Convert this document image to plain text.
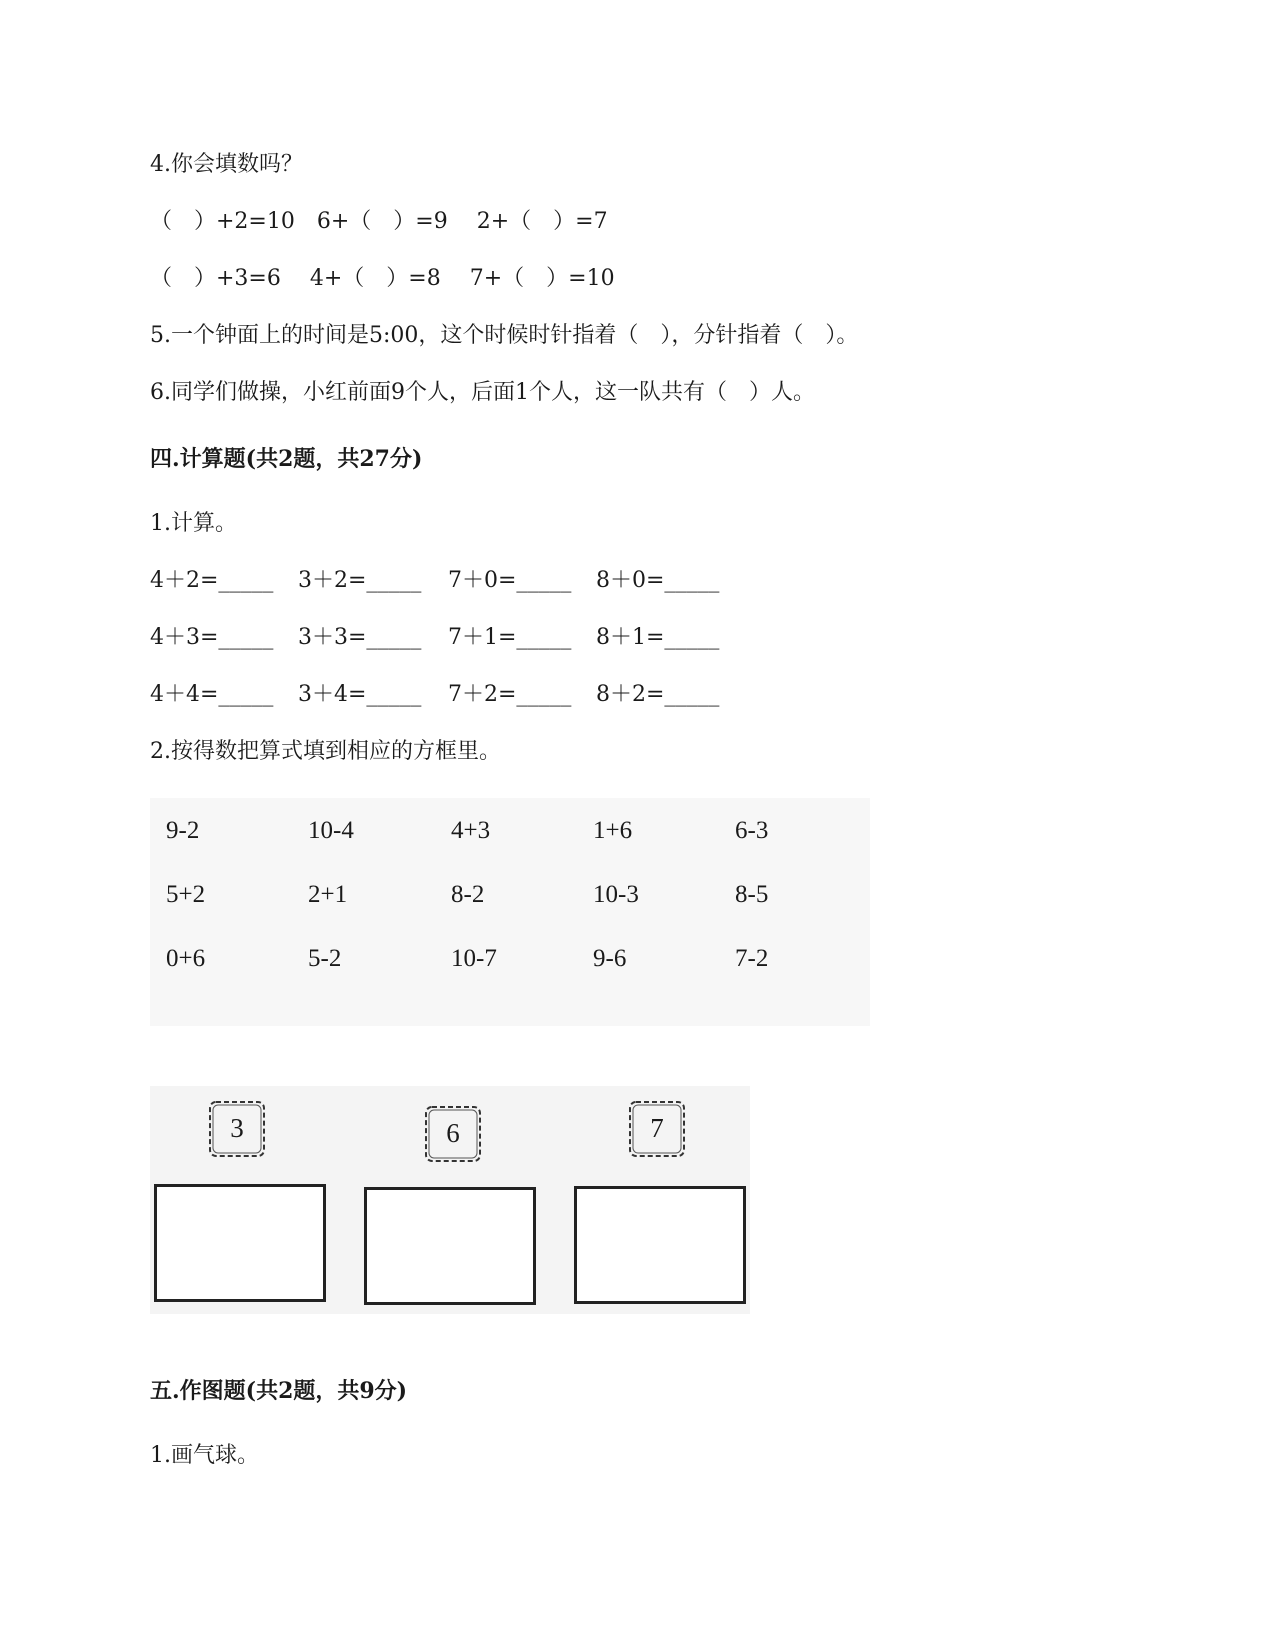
4.你会填数吗？
（　）+2=10　6+（　）=9　 2+（　）=7
（　）+3=6　 4+（　）=8　 7+（　）=10
5.一个钟面上的时间是5:00，这个时候时针指着（　），分针指着（　）。
6.同学们做操，小红前面9个人，后面1个人，这一队共有（　）人。
四.计算题(共2题，共27分)
1.计算。
4＋2=_____ 3＋2=_____ 7＋0=_____ 8＋0=_____
4＋3=_____ 3＋3=_____ 7＋1=_____ 8＋1=_____
4＋4=_____ 3＋4=_____ 7＋2=_____ 8＋2=_____
2.按得数把算式填到相应的方框里。
9-2	10-4	4+3	1+6	6-3
5+2	2+1	8-2	10-3	8-5
0+6	5-2	10-7	9-6	7-2
3	6	7
五.作图题(共2题，共9分)
1.画气球。
